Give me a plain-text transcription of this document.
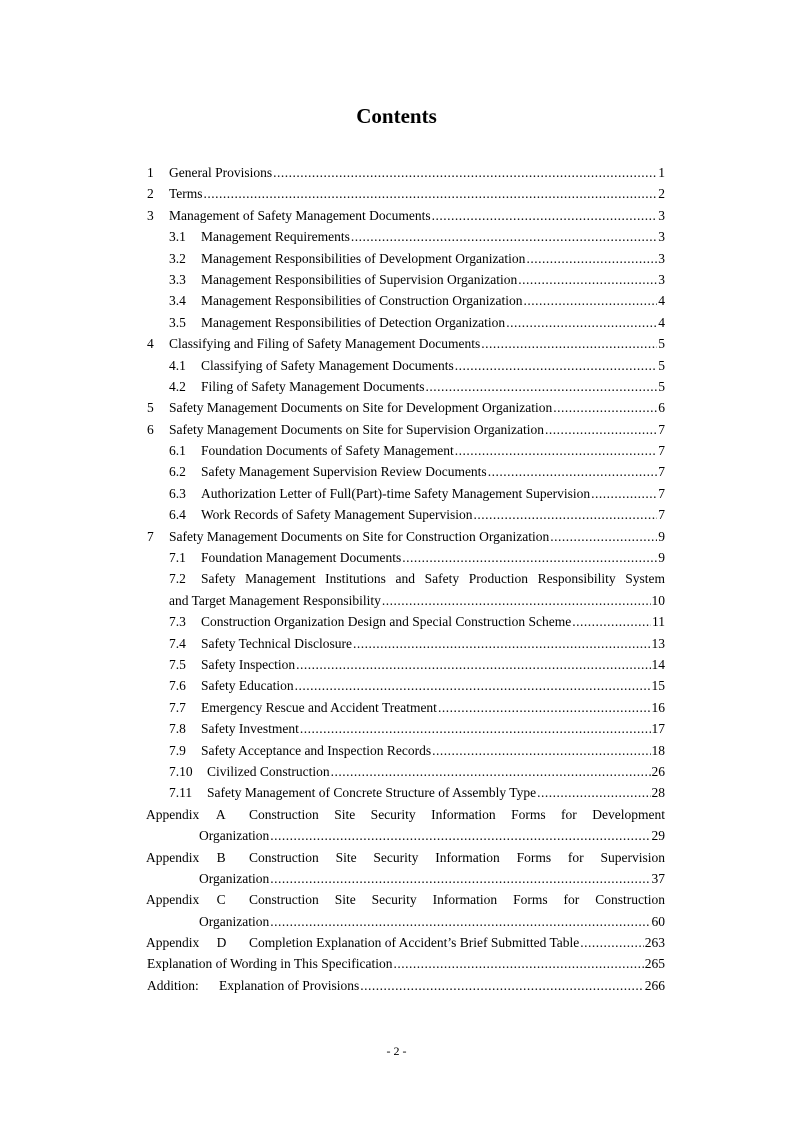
Contents
1 General Provisions .....	1
2 Terms .....	2
3 Management of Safety Management Documents .....	3
3.1 Management Requirements .....	3
3.2 Management Responsibilities of Development Organization .....	3
3.3 Management Responsibilities of Supervision Organization .....	3
3.4 Management Responsibilities of Construction Organization .....	4
3.5 Management Responsibilities of Detection Organization .....	4
4 Classifying and Filing of Safety Management Documents .....	5
4.1 Classifying of Safety Management Documents .....	5
4.2 Filing of Safety Management Documents .....	5
5 Safety Management Documents on Site for Development Organization .....	6
6 Safety Management Documents on Site for Supervision Organization .....	7
6.1 Foundation Documents of Safety Management .....	7
6.2 Safety Management Supervision Review Documents .....	7
6.3 Authorization Letter of Full(Part)-time Safety Management Supervision .....	7
6.4 Work Records of Safety Management Supervision .....	7
7 Safety Management Documents on Site for Construction Organization .....	9
7.1 Foundation Management Documents .....	9
7.2 Safety Management Institutions and Safety Production Responsibility System
and Target Management Responsibility .....	10
7.3 Construction Organization Design and Special Construction Scheme .....	11
7.4 Safety Technical Disclosure .....	13
7.5 Safety Inspection .....	14
7.6 Safety Education .....	15
7.7 Emergency Rescue and Accident Treatment .....	16
7.8 Safety Investment .....	17
7.9 Safety Acceptance and Inspection Records .....	18
7.10 Civilized Construction .....	26
7.11 Safety Management of Concrete Structure of Assembly Type .....	28
Appendix A Construction Site Security Information Forms for Development
Organization .....	29
Appendix B Construction Site Security Information Forms for Supervision
Organization .....	37
Appendix C Construction Site Security Information Forms for Construction
Organization .....	60
Appendix D Completion Explanation of Accident’s Brief Submitted Table .....	263
Explanation of Wording in This Specification .....	265
Addition: Explanation of Provisions .....	266
- 2 -
